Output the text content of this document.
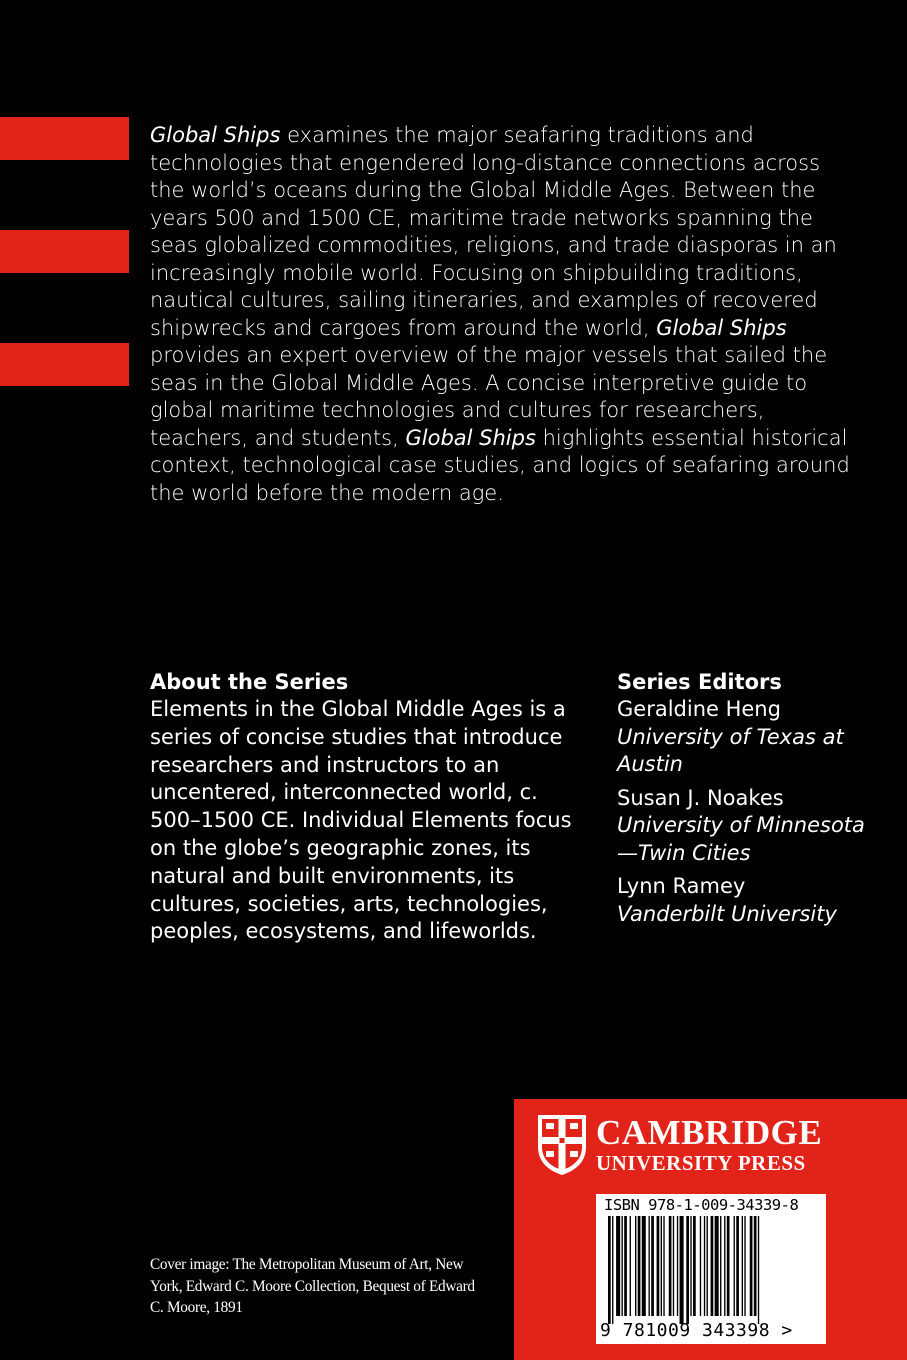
Global Ships examines the major seafaring traditions and technologies that engendered long-distance connections across the world’s oceans during the Global Middle Ages. Between the years 500 and 1500 CE, maritime trade networks spanning the seas globalized commodities, religions, and trade diasporas in an increasingly mobile world. Focusing on shipbuilding traditions, nautical cultures, sailing itineraries, and examples of recovered shipwrecks and cargoes from around the world, Global Ships provides an expert overview of the major vessels that sailed the seas in the Global Middle Ages. A concise interpretive guide to global maritime technologies and cultures for researchers, teachers, and students, Global Ships highlights essential historical context, technological case studies, and logics of seafaring around the world before the modern age.
About the Series
Elements in the Global Middle Ages is a series of concise studies that introduce researchers and instructors to an uncentered, interconnected world, c. 500–1500 CE. Individual Elements focus on the globe’s geographic zones, its natural and built environments, its cultures, societies, arts, technologies, peoples, ecosystems, and lifeworlds.
Series Editors
Geraldine Heng
University of Texas at Austin
Susan J. Noakes
University of Minnesota—Twin Cities
Lynn Ramey
Vanderbilt University
Cover image: The Metropolitan Museum of Art, New York, Edward C. Moore Collection, Bequest of Edward C. Moore, 1891
CAMBRIDGE
UNIVERSITY PRESS
ISBN 978-1-009-34339-8
9 781009 343398 >
